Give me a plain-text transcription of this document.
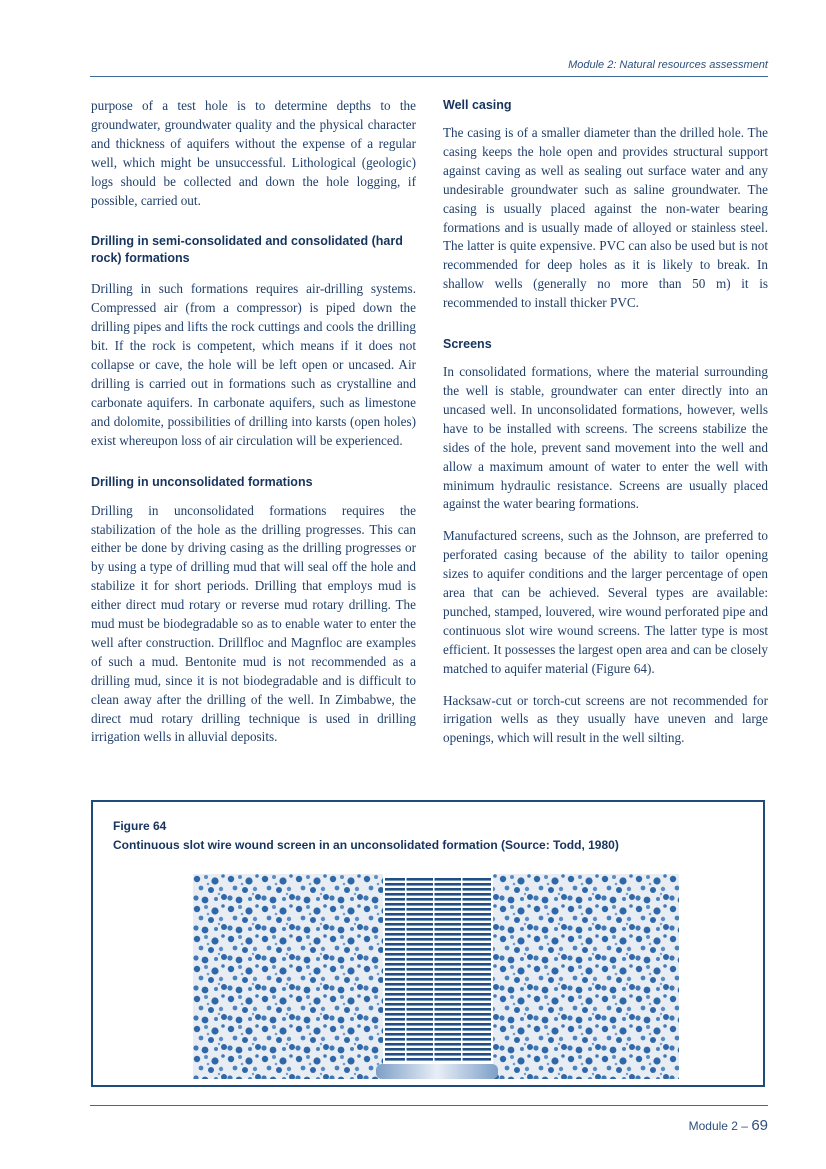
Module 2: Natural resources assessment

purpose of a test hole is to determine depths to the groundwater, groundwater quality and the physical character and thickness of aquifers without the expense of a regular well, which might be unsuccessful. Lithological (geologic) logs should be collected and down the hole logging, if possible, carried out.

Drilling in semi-consolidated and consolidated (hard rock) formations

Drilling in such formations requires air-drilling systems. Compressed air (from a compressor) is piped down the drilling pipes and lifts the rock cuttings and cools the drilling bit. If the rock is competent, which means if it does not collapse or cave, the hole will be left open or uncased. Air drilling is carried out in formations such as crystalline and carbonate aquifers. In carbonate aquifers, such as limestone and dolomite, possibilities of drilling into karsts (open holes) exist whereupon loss of air circulation will be experienced.

Drilling in unconsolidated formations

Drilling in unconsolidated formations requires the stabilization of the hole as the drilling progresses. This can either be done by driving casing as the drilling progresses or by using a type of drilling mud that will seal off the hole and stabilize it for short periods. Drilling that employs mud is either direct mud rotary or reverse mud rotary drilling. The mud must be biodegradable so as to enable water to enter the well after construction. Drillfloc and Magnfloc are examples of such a mud. Bentonite mud is not recommended as a drilling mud, since it is not biodegradable and is difficult to clean away after the drilling of the well. In Zimbabwe, the direct mud rotary drilling technique is used in drilling irrigation wells in alluvial deposits.

Well casing

The casing is of a smaller diameter than the drilled hole. The casing keeps the hole open and provides structural support against caving as well as sealing out surface water and any undesirable groundwater such as saline groundwater. The casing is usually placed against the non-water bearing formations and is usually made of alloyed or stainless steel. The latter is quite expensive. PVC can also be used but is not recommended for deep holes as it is likely to break. In shallow wells (generally no more than 50 m) it is recommended to install thicker PVC.

Screens

In consolidated formations, where the material surrounding the well is stable, groundwater can enter directly into an uncased well. In unconsolidated formations, however, wells have to be installed with screens. The screens stabilize the sides of the hole, prevent sand movement into the well and allow a maximum amount of water to enter the well with minimum hydraulic resistance. Screens are usually placed against the water bearing formations.

Manufactured screens, such as the Johnson, are preferred to perforated casing because of the ability to tailor opening sizes to aquifer conditions and the larger percentage of open area that can be achieved. Several types are available: punched, stamped, louvered, wire wound perforated pipe and continuous slot wire wound screens. The latter type is most efficient. It possesses the largest open area and can be closely matched to aquifer material (Figure 64).

Hacksaw-cut or torch-cut screens are not recommended for irrigation wells as they usually have uneven and large openings, which will result in the well silting.

Figure 64
Continuous slot wire wound screen in an unconsolidated formation (Source: Todd, 1980)
Module 2 – 69
